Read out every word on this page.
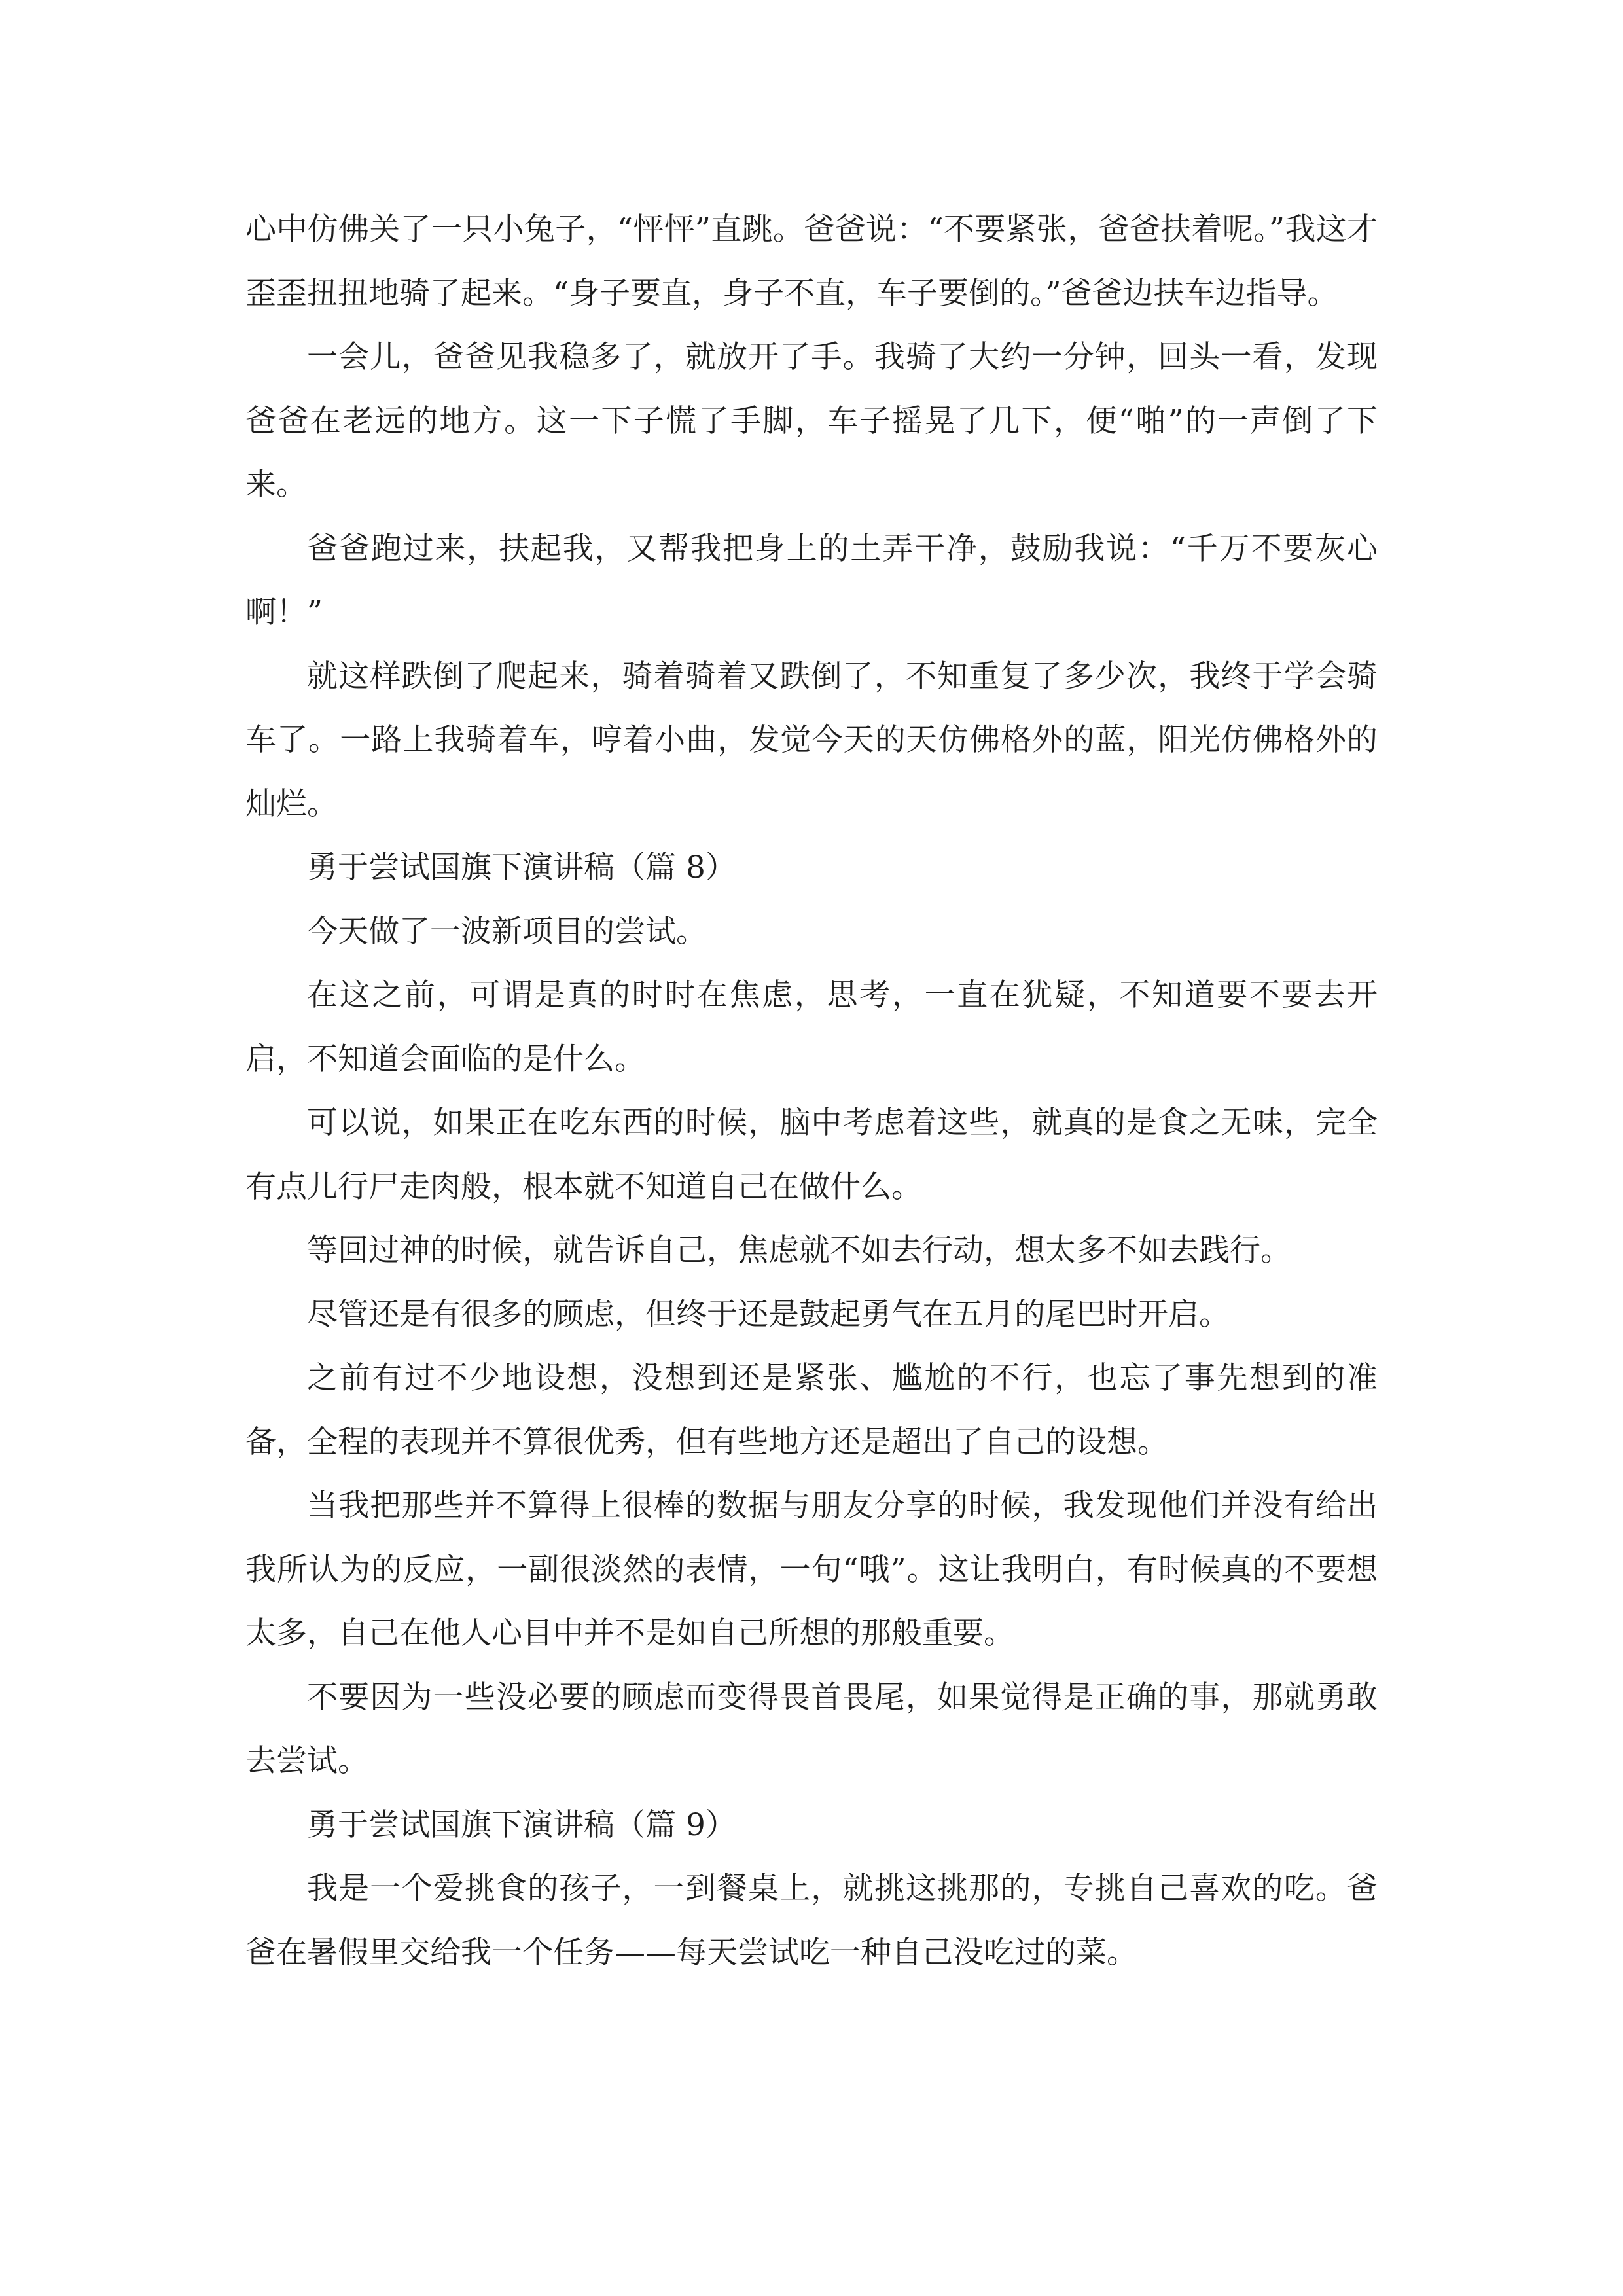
心中仿佛关了一只小兔子，“怦怦”直跳。爸爸说：“不要紧张，爸爸扶着呢。”我这才歪歪扭扭地骑了起来。“身子要直，身子不直，车子要倒的。”爸爸边扶车边指导。

一会儿，爸爸见我稳多了，就放开了手。我骑了大约一分钟，回头一看，发现爸爸在老远的地方。这一下子慌了手脚，车子摇晃了几下，便“啪”的一声倒了下来。

爸爸跑过来，扶起我，又帮我把身上的土弄干净，鼓励我说：“千万不要灰心啊！”

就这样跌倒了爬起来，骑着骑着又跌倒了，不知重复了多少次，我终于学会骑车了。一路上我骑着车，哼着小曲，发觉今天的天仿佛格外的蓝，阳光仿佛格外的灿烂。

勇于尝试国旗下演讲稿（篇 8）

今天做了一波新项目的尝试。

在这之前，可谓是真的时时在焦虑，思考，一直在犹疑，不知道要不要去开启，不知道会面临的是什么。

可以说，如果正在吃东西的时候，脑中考虑着这些，就真的是食之无味，完全有点儿行尸走肉般，根本就不知道自己在做什么。

等回过神的时候，就告诉自己，焦虑就不如去行动，想太多不如去践行。

尽管还是有很多的顾虑，但终于还是鼓起勇气在五月的尾巴时开启。

之前有过不少地设想，没想到还是紧张、尴尬的不行，也忘了事先想到的准备，全程的表现并不算很优秀，但有些地方还是超出了自己的设想。

当我把那些并不算得上很棒的数据与朋友分享的时候，我发现他们并没有给出我所认为的反应，一副很淡然的表情，一句“哦”。这让我明白，有时候真的不要想太多，自己在他人心目中并不是如自己所想的那般重要。

不要因为一些没必要的顾虑而变得畏首畏尾，如果觉得是正确的事，那就勇敢去尝试。

勇于尝试国旗下演讲稿（篇 9）

我是一个爱挑食的孩子，一到餐桌上，就挑这挑那的，专挑自己喜欢的吃。爸爸在暑假里交给我一个任务——每天尝试吃一种自己没吃过的菜。
